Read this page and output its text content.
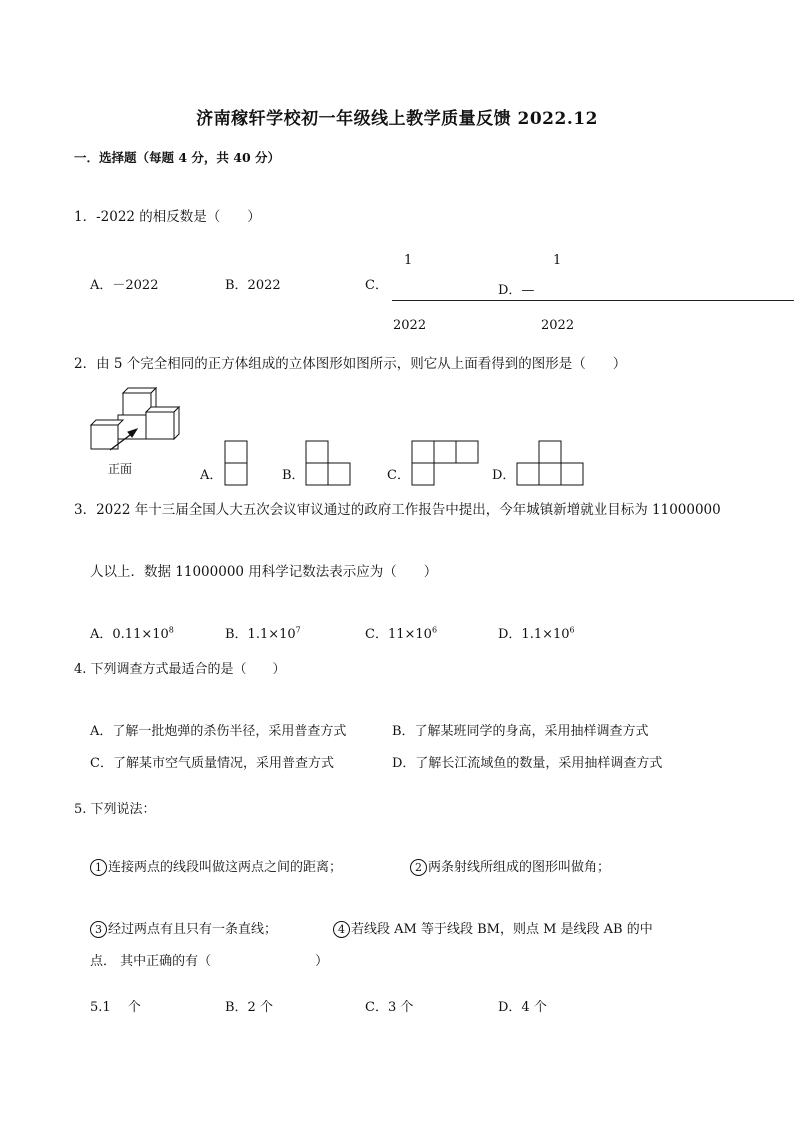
济南稼轩学校初一年级线上教学质量反馈 2022.12
一．选择题（每题 4 分，共 40 分）
1．-2022 的相反数是（　　）
A．－2022	B．2022	C．
1
2022
D．—
1
2022
2．由 5 个完全相同的正方体组成的立体图形如图所示，则它从上面看得到的图形是（　　）
正面	A．	B．	C．	D．
3．2022 年十三届全国人大五次会议审议通过的政府工作报告中提出，今年城镇新增就业目标为 11000000
人以上．数据 11000000 用科学记数法表示应为（　　）
A．$0.11\times 10^8$	B．$1.1\times 10^7$	C．$11\times 10^6$	D．$1.1\times 10^6$
4. 下列调查方式最适合的是（　　）
A．了解一批炮弹的杀伤半径，采用普查方式	B．了解某班同学的身高，采用抽样调查方式
C．了解某市空气质量情况，采用普查方式	D．了解长江流域鱼的数量，采用抽样调查方式
5. 下列说法：
1 连接两点的线段叫做这两点之间的距离；	2 两条射线所组成的图形叫做角；
3 经过两点有且只有一条直线；	4 若线段 AM 等于线段 BM，则点 M 是线段 AB 的中
点． 其中正确的有（　　　　　　　　）
5.1　 个	B．2 个	C．3 个	D．4 个
